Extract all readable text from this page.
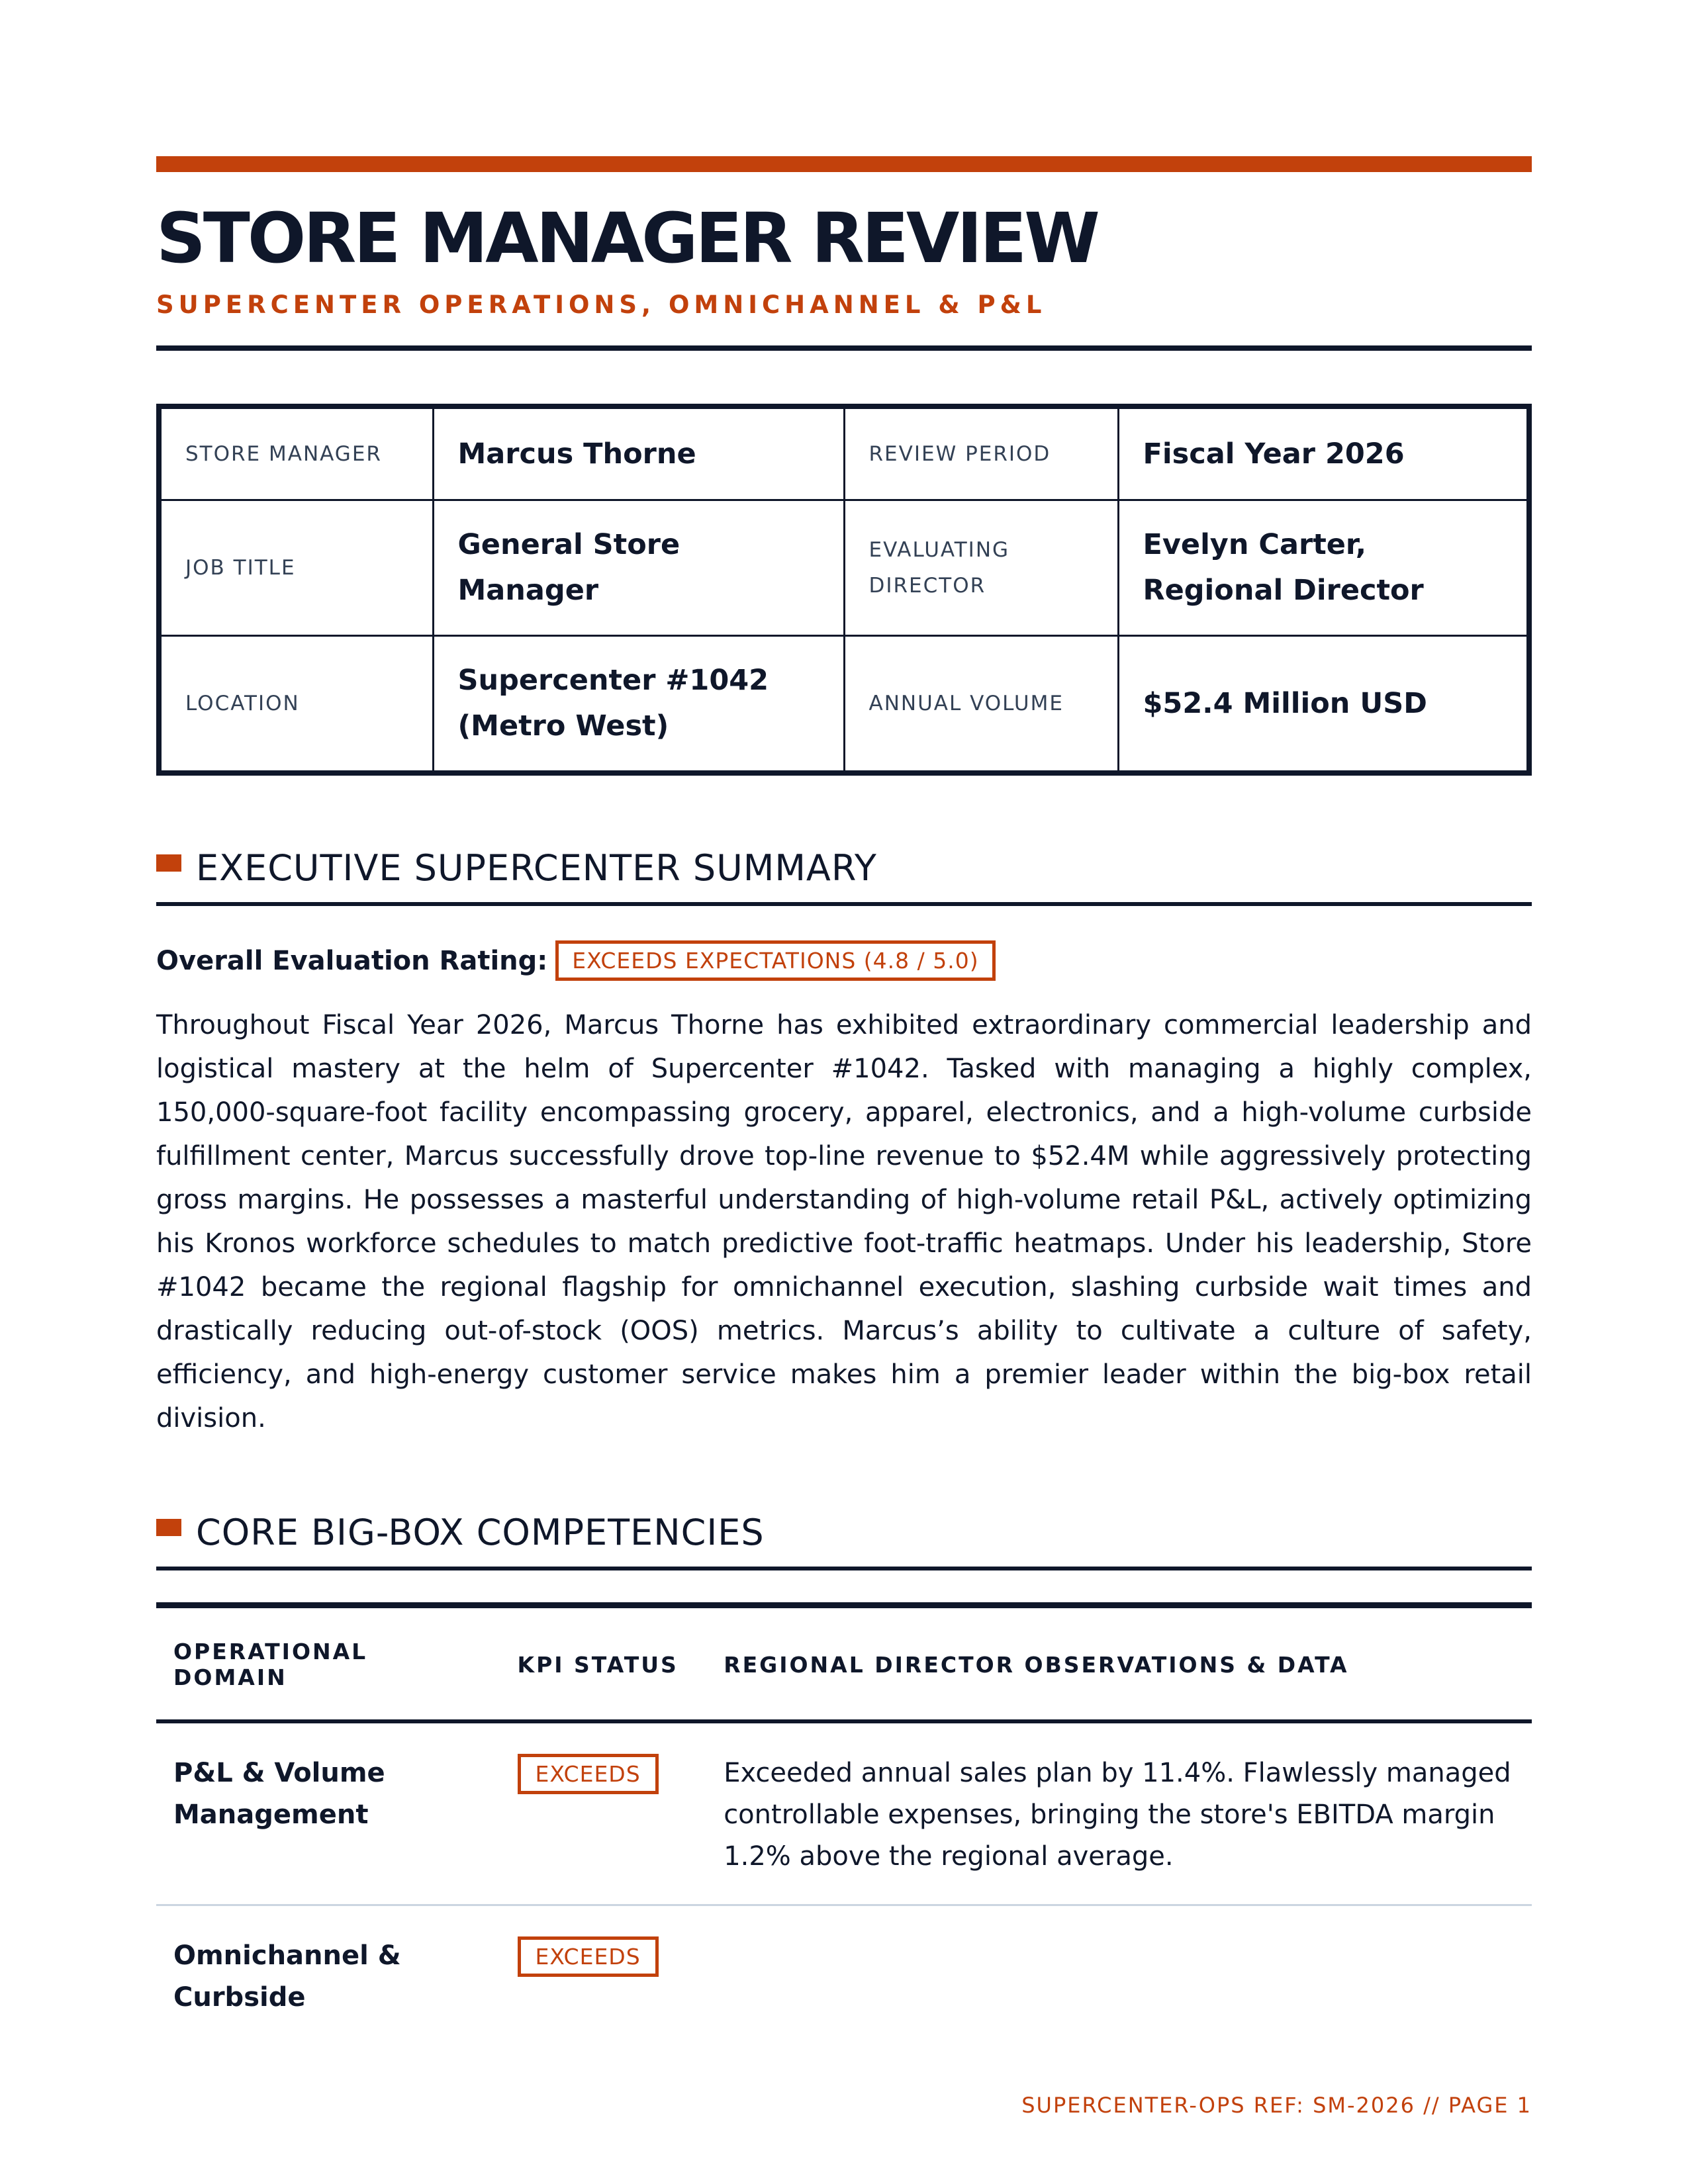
STORE MANAGER REVIEW
SUPERCENTER OPERATIONS, OMNICHANNEL & P&L
STORE MANAGER	Marcus Thorne	REVIEW PERIOD	Fiscal Year 2026
JOB TITLE	General Store Manager	EVALUATING DIRECTOR	Evelyn Carter, Regional Director

LOCATION	Supercenter #1042 (Metro West)	ANNUAL VOLUME	$52.4 Million USD
EXECUTIVE SUPERCENTER SUMMARY
Overall Evaluation Rating:	EXCEEDS EXPECTATIONS (4.8 / 5.0)
Throughout Fiscal Year 2026, Marcus Thorne has exhibited extraordinary commercial leadership and logistical mastery at the helm of Supercenter #1042. Tasked with managing a highly complex, 150,000-square-foot facility encompassing grocery, apparel, electronics, and a high-volume curbside fulfillment center, Marcus successfully drove top-line revenue to $52.4M while aggressively protecting gross margins. He possesses a masterful understanding of high-volume retail P&L, actively optimizing his Kronos workforce schedules to match predictive foot-traffic heatmaps. Under his leadership, Store #1042 became the regional flagship for omnichannel execution, slashing curbside wait times and drastically reducing out-of-stock (OOS) metrics. Marcus’s ability to cultivate a culture of safety, efficiency, and high-energy customer service makes him a premier leader within the big-box retail division.
CORE BIG-BOX COMPETENCIES
OPERATIONAL DOMAIN	KPI STATUS	REGIONAL DIRECTOR OBSERVATIONS & DATA
P&L & Volume Management	EXCEEDS	Exceeded annual sales plan by 11.4%. Flawlessly managed controllable expenses, bringing the store's EBITDA margin 1.2% above the regional average.
Omnichannel & Curbside	EXCEEDS	
SUPERCENTER-OPS REF: SM-2026 // PAGE 1
